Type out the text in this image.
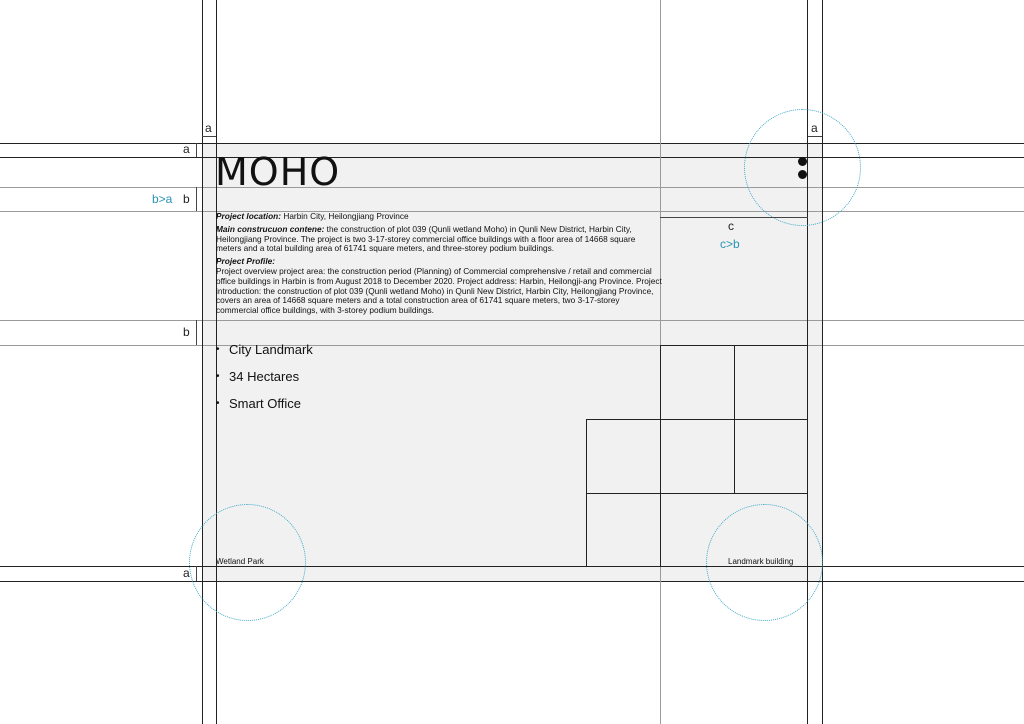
MOHO

Project location: Harbin City, Heilongjiang Province

Main construcuon contene: the construction of plot 039 (Qunli wetland Moho) in Qunli New District, Harbin City, Heilongjiang Province. The project is two 3-17-storey commercial office buildings with a floor area of 14668 square meters and a total building area of 61741 square meters, and three-storey podium buildings.

Project Profile:
Project overview project area: the construction period (Planning) of Commercial comprehensive / retail and commercial office buildings in Harbin is from August 2018 to December 2020. Project address: Harbin, Heilongji-ang Province. Project introduction: the construction of plot 039 (Qunli wetland Moho) in Qunli New District, Harbin City, Heilongjiang Province, covers an area of 14668 square meters and a total construction area of 61741 square meters, two 3-17-storey commercial office buildings, with 3-storey podium buildings.

• City Landmark
• 34 Hectares
• Smart Office
Wetland Park	Landmark building
a	a
a
a
b>a b
b
c
c>b
